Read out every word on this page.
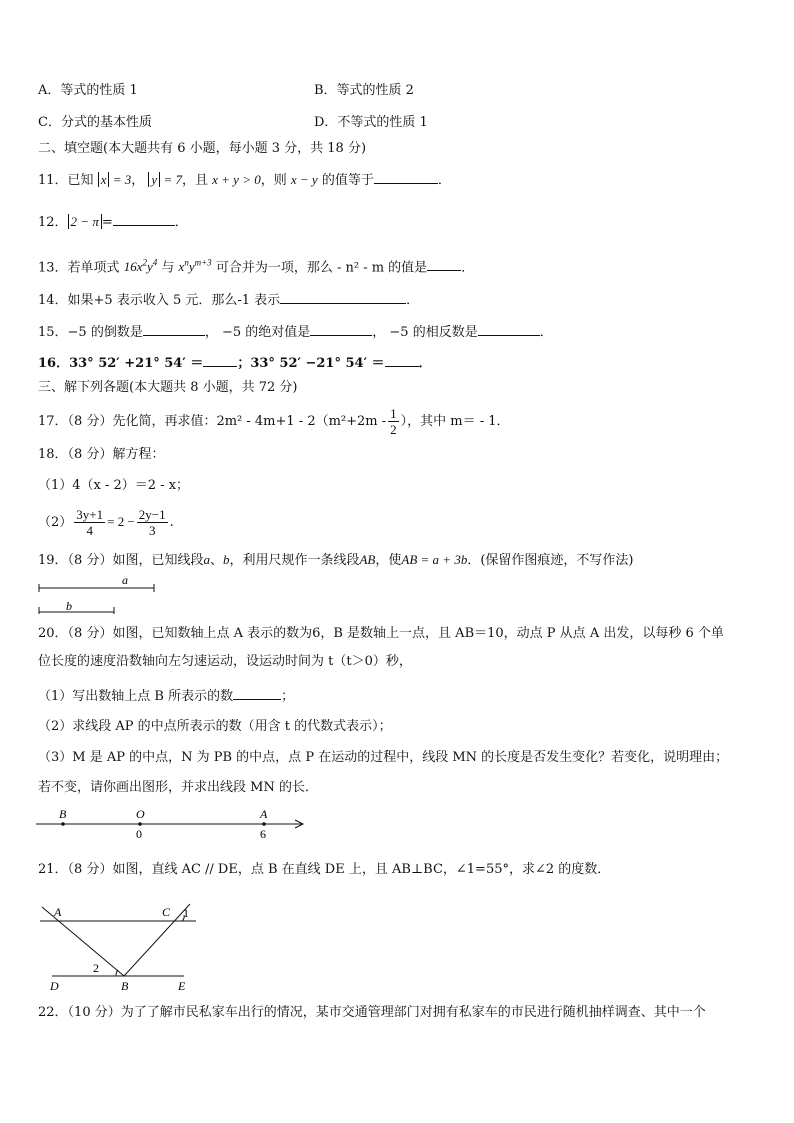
A．等式的性质 1	B．等式的性质 2
C．分式的基本性质	D．不等式的性质 1
二、填空题(本大题共有 6 小题，每小题 3 分，共 18 分)
11．已知 x = 3， y = 7，且 x + y > 0，则 x − y 的值等于	．
12． 2 − π =	．
13．若单项式 $16x^2y^4$ 与 $x^ny^{m+3}$ 可合并为一项，那么 - n² - m 的值是	．
14．如果+5 表示收入 5 元．那么-1 表示	．
15．−5 的倒数是	， −5 的绝对值是	， −5 的相反数是	．
16．33° 52′ +21° 54′ ＝	；33° 52′ −21° 54′ ＝	．
三、解下列各题(本大题共 8 小题，共 72 分)
17．（8 分）先化简，再求值：$2m^2 - 4m+1 - 2(m^2+2m - \frac{1}{2}$ ），其中 m＝ - 1．
18．（8 分）解方程：
（1）4（x - 2）＝2 - x；
$(2) \frac{3y+1}{4} = 2 - \frac{2y-1}{3}$ .
19．（8 分）如图，已知线段a、b，利用尺规作一条线段AB，使AB = a + 3b．(保留作图痕迹，不写作法)
a
b
20．（8 分）如图，已知数轴上点 A 表示的数为6，B 是数轴上一点，且 AB＝10，动点 P 从点 A 出发，以每秒 6 个单
位长度的速度沿数轴向左匀速运动，设运动时间为 t（t＞0）秒，
（1）写出数轴上点 B 所表示的数	；
（2）求线段 AP 的中点所表示的数（用含 t 的代数式表示）；
（3）M 是 AP 的中点，N 为 PB 的中点，点 P 在运动的过程中，线段 MN 的长度是否发生变化？若变化，说明理由；
若不变，请你画出图形，并求出线段 MN 的长．
B	O	A
0	6
21．（8 分）如图，直线 AC // DE，点 B 在直线 DE 上，且 AB⊥BC，∠1=55°，求∠2 的度数．
A	C 1
2
D	B	E
22．（10 分）为了了解市民私家车出行的情况，某市交通管理部门对拥有私家车的市民进行随机抽样调查、其中一个
